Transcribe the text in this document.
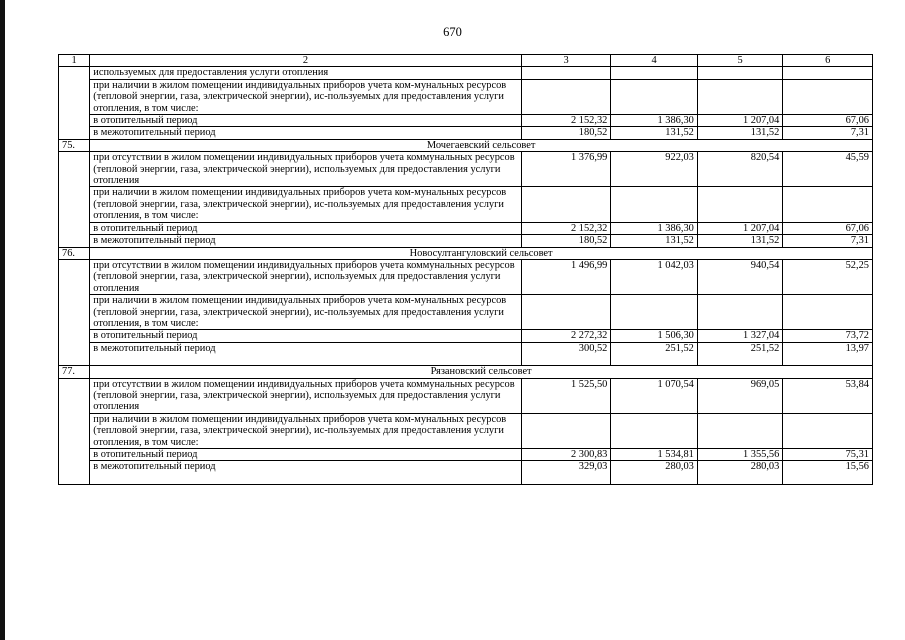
670
1	2	3	4	5	6
	используемых для предоставления услуги отопления				
	при наличии в жилом помещении индивидуальных приборов учета ком-мунальных ресурсов (тепловой энергии, газа, электрической энергии), ис-пользуемых для предоставления услуги отопления, в том числе:				
	в отопительный период	2 152,32	1 386,30	1 207,04	67,06
	в межотопительный период	180,52	131,52	131,52	7,31
75.	Мочегаевский сельсовет				
	при отсутствии в жилом помещении индивидуальных приборов учета коммунальных ресурсов (тепловой энергии, газа, электрической энергии), используемых для предоставления услуги отопления	1 376,99	922,03	820,54	45,59
	при наличии в жилом помещении индивидуальных приборов учета ком-мунальных ресурсов (тепловой энергии, газа, электрической энергии), ис-пользуемых для предоставления услуги отопления, в том числе:				
	в отопительный период	2 152,32	1 386,30	1 207,04	67,06
	в межотопительный период	180,52	131,52	131,52	7,31
76.	Новосултангуловский сельсовет				
	при отсутствии в жилом помещении индивидуальных приборов учета коммунальных ресурсов (тепловой энергии, газа, электрической энергии), используемых для предоставления услуги отопления	1 496,99	1 042,03	940,54	52,25
	при наличии в жилом помещении индивидуальных приборов учета ком-мунальных ресурсов (тепловой энергии, газа, электрической энергии), ис-пользуемых для предоставления услуги отопления, в том числе:				
	в отопительный период	2 272,32	1 506,30	1 327,04	73,72
	в межотопительный период	300,52	251,52	251,52	13,97

77.	Рязановский сельсовет				
	при отсутствии в жилом помещении индивидуальных приборов учета коммунальных ресурсов (тепловой энергии, газа, электрической энергии), используемых для предоставления услуги отопления	1 525,50	1 070,54	969,05	53,84
	при наличии в жилом помещении индивидуальных приборов учета ком-мунальных ресурсов (тепловой энергии, газа, электрической энергии), ис-пользуемых для предоставления услуги отопления, в том числе:				
	в отопительный период	2 300,83	1 534,81	1 355,56	75,31
	в межотопительный период	329,03	280,03	280,03	15,56
